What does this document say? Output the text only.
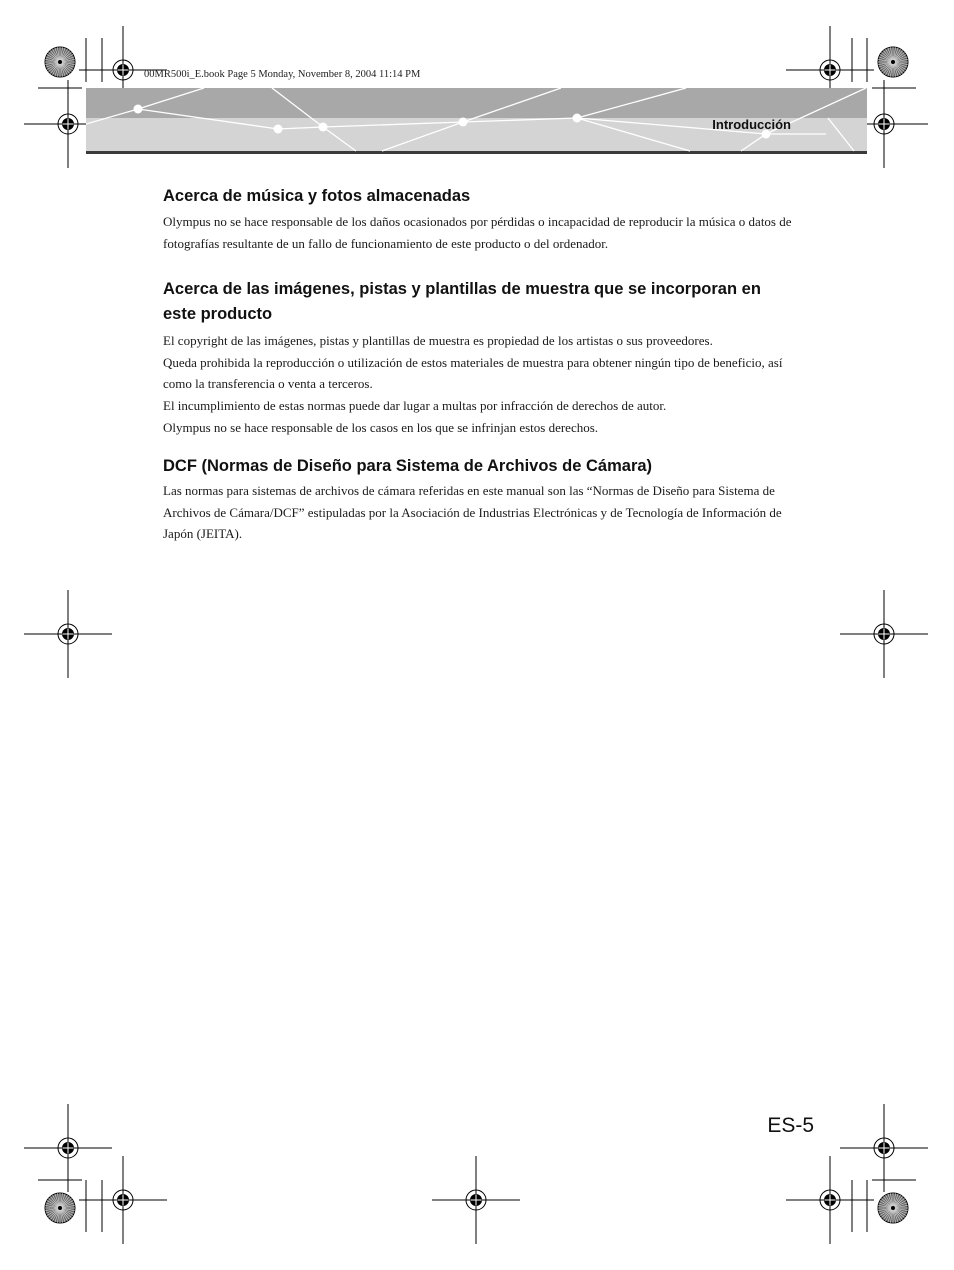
00MR500i_E.book Page 5 Monday, November 8, 2004 11:14 PM
Introducción
Acerca de música y fotos almacenadas

Olympus no se hace responsable de los daños ocasionados por pérdidas o incapacidad de reproducir la música o datos de fotografías resultante de un fallo de funcionamiento de este producto o del ordenador.

Acerca de las imágenes, pistas y plantillas de muestra que se incorporan en este producto

El copyright de las imágenes, pistas y plantillas de muestra es propiedad de los artistas o sus proveedores.

Queda prohibida la reproducción o utilización de estos materiales de muestra para obtener ningún tipo de beneficio, así como la transferencia o venta a terceros.

El incumplimiento de estas normas puede dar lugar a multas por infracción de derechos de autor.

Olympus no se hace responsable de los casos en los que se infrinjan estos derechos.

DCF (Normas de Diseño para Sistema de Archivos de Cámara)

Las normas para sistemas de archivos de cámara referidas en este manual son las “Normas de Diseño para Sistema de Archivos de Cámara/DCF” estipuladas por la Asociación de Industrias Electrónicas y de Tecnología de Información de Japón (JEITA).

ES-5
